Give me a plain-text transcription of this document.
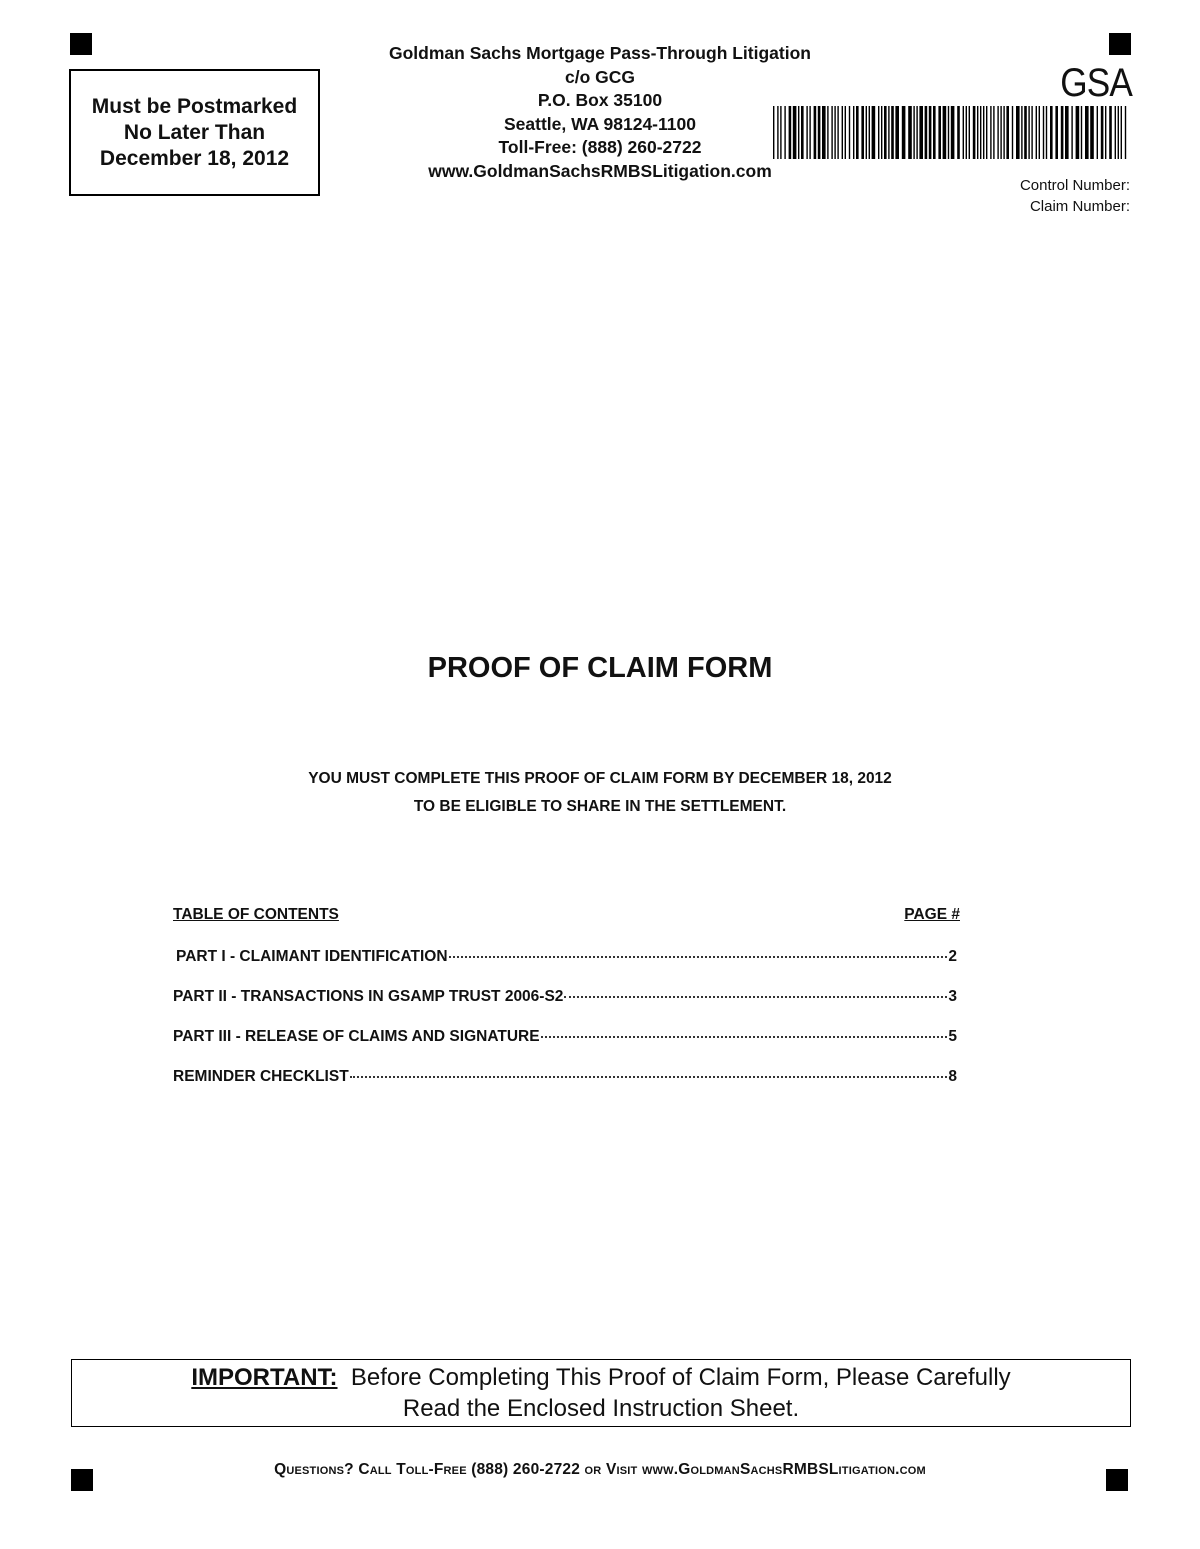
Must be Postmarked
No Later Than
December 18, 2012
Goldman Sachs Mortgage Pass-Through Litigation
c/o GCG
P.O. Box 35100
Seattle, WA 98124-1100
Toll-Free: (888) 260-2722
www.GoldmanSachsRMBSLitigation.com
GSA
Control Number:
Claim Number:
PROOF OF CLAIM FORM
YOU MUST COMPLETE THIS PROOF OF CLAIM FORM BY DECEMBER 18, 2012
TO BE ELIGIBLE TO SHARE IN THE SETTLEMENT.
TABLE OF CONTENTS	PAGE #
PART I - CLAIMANT IDENTIFICATION	2
PART II - TRANSACTIONS IN GSAMP TRUST 2006-S2	3
PART III - RELEASE OF CLAIMS AND SIGNATURE	5
REMINDER CHECKLIST	8
IMPORTANT: Before Completing This Proof of Claim Form, Please Carefully
Read the Enclosed Instruction Sheet.
Questions? Call Toll-Free (888) 260-2722 or Visit www.GoldmanSachsRMBSLitigation.com
